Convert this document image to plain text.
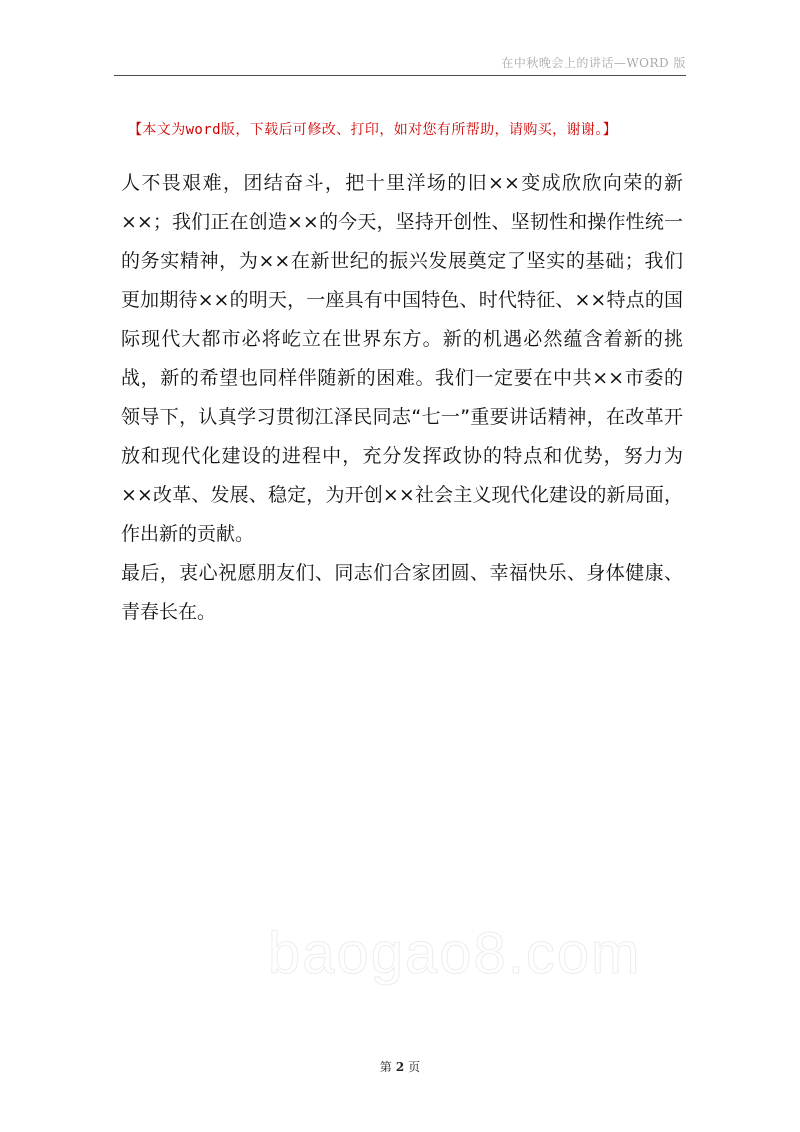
在中秋晚会上的讲话—WORD 版
【本文为word版，下载后可修改、打印，如对您有所帮助，请购买，谢谢。】

人不畏艰难，团结奋斗，把十里洋场的旧××变成欣欣向荣的新××；我们正在创造××的今天，坚持开创性、坚韧性和操作性统一的务实精神，为××在新世纪的振兴发展奠定了坚实的基础；我们更加期待××的明天，一座具有中国特色、时代特征、××特点的国际现代大都市必将屹立在世界东方。新的机遇必然蕴含着新的挑战，新的希望也同样伴随新的困难。我们一定要在中共××市委的领导下，认真学习贯彻江泽民同志“七一”重要讲话精神，在改革开放和现代化建设的进程中，充分发挥政协的特点和优势，努力为××改革、发展、稳定，为开创××社会主义现代化建设的新局面，作出新的贡献。

最后，衷心祝愿朋友们、同志们合家团圆、幸福快乐、身体健康、青春长在。

baogao8.com
第 2 页
